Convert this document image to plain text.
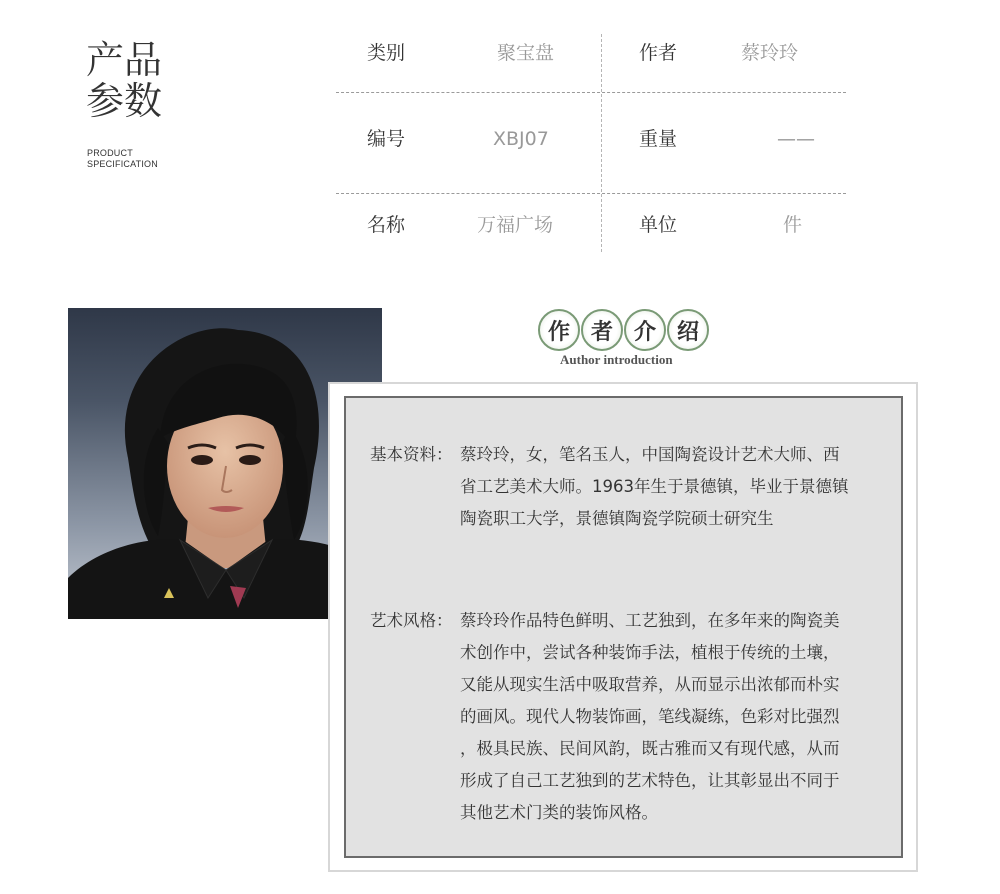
产品
参数
PRODUCT
SPECIFICATION
类别	聚宝盘	作者	蔡玲玲
编号	XBJ07	重量	——
名称	万福广场	单位	件
作 者 介 绍
Author introduction
基本资料： 蔡玲玲，女，笔名玉人，中国陶瓷设计艺术大师、西
省工艺美术大师。1963年生于景德镇，毕业于景德镇
陶瓷职工大学，景德镇陶瓷学院硕士研究生
艺术风格： 蔡玲玲作品特色鲜明、工艺独到，在多年来的陶瓷美
术创作中，尝试各种装饰手法，植根于传统的土壤，
又能从现实生活中吸取营养，从而显示出浓郁而朴实
的画风。现代人物装饰画，笔线凝练，色彩对比强烈
，极具民族、民间风韵，既古雅而又有现代感，从而
形成了自己工艺独到的艺术特色，让其彰显出不同于
其他艺术门类的装饰风格。
